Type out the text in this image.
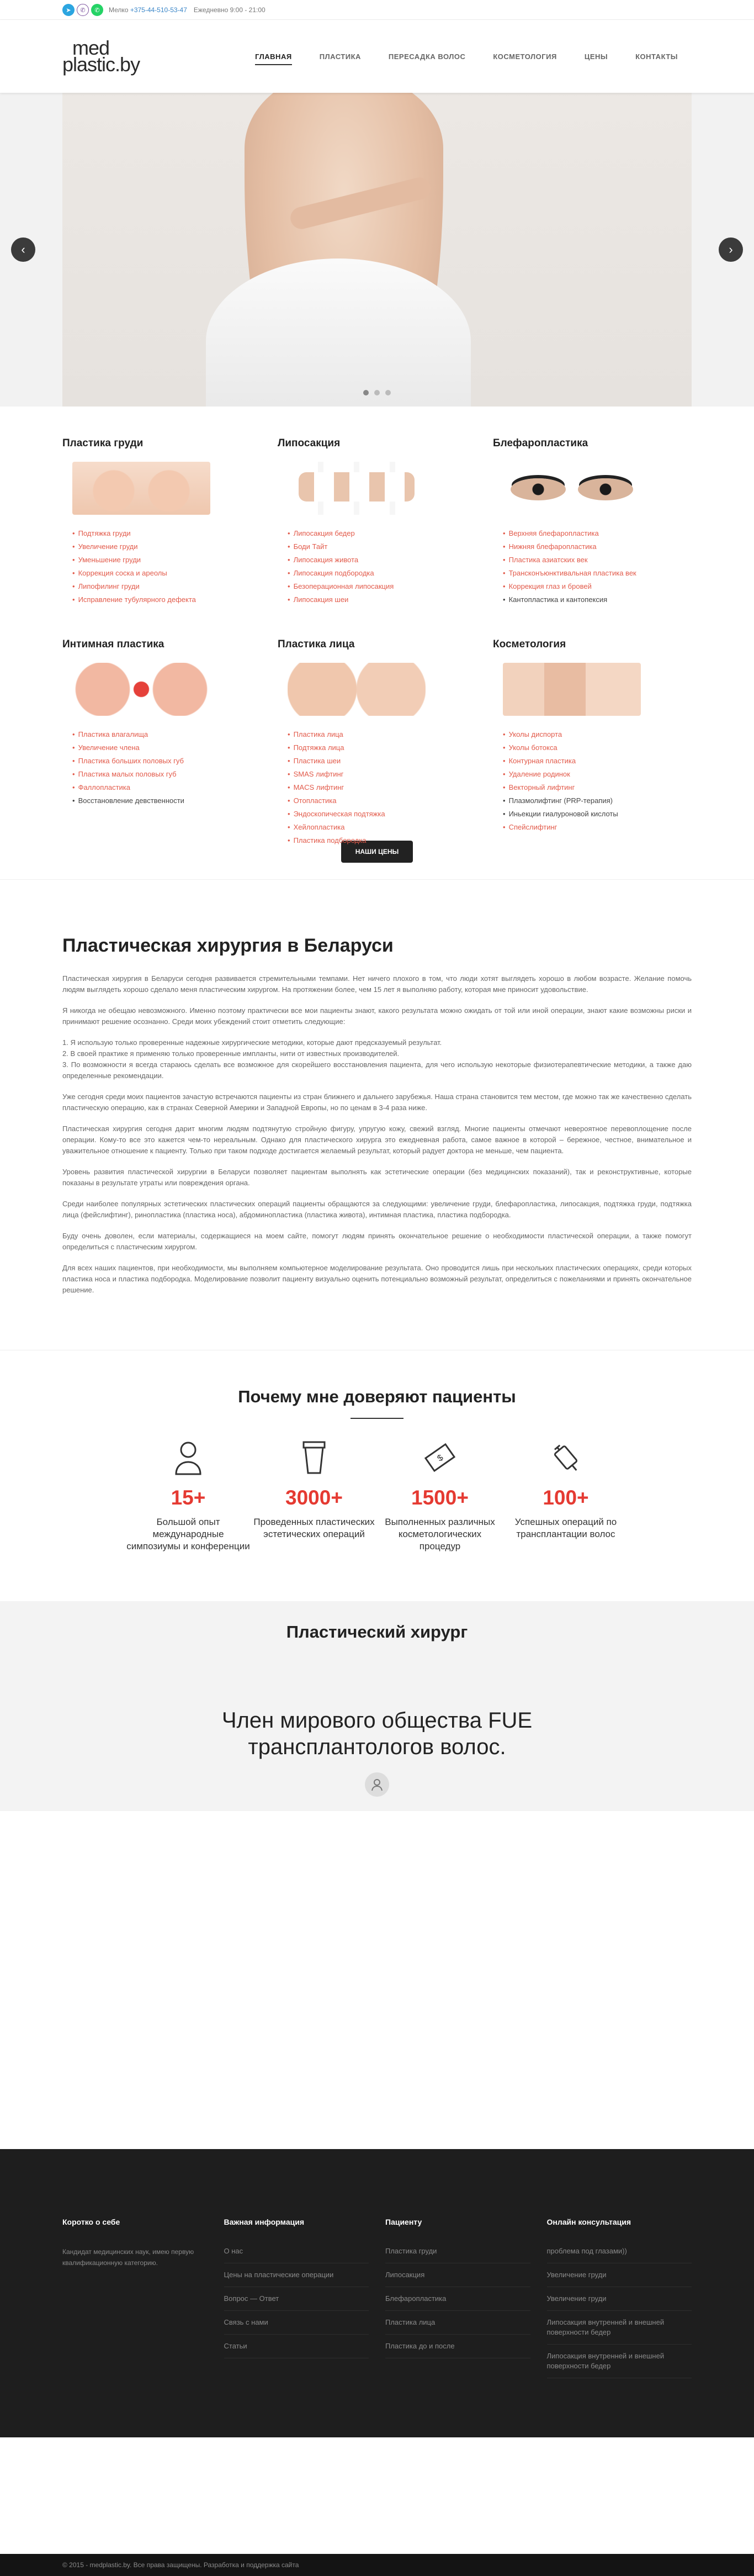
➤	✆	✆	Мелко +375-44-510-53-47 Ежедневно 9:00 - 21:00
med
plastic.by	ГЛАВНАЯ	ПЛАСТИКА	ПЕРЕСАДКА ВОЛОС	КОСМЕТОЛОГИЯ	ЦЕНЫ	КОНТАКТЫ
‹	›
Пластика груди
• Подтяжка груди
• Увеличение груди
• Уменьшение груди
• Коррекция соска и ареолы
• Липофилинг груди
• Исправление тубулярного дефекта
Липосакция
• Липосакция бедер
• Боди Тайт
• Липосакция живота
• Липосакция подбородка
• Безоперационная липосакция
• Липосакция шеи
Блефаропластика
• Верхняя блефаропластика
• Нижняя блефаропластика
• Пластика азиатских век
• Трансконъюнктивальная пластика век
• Коррекция глаз и бровей
• Кантопластика и кантопексия
Интимная пластика
• Пластика влагалища
• Увеличение члена
• Пластика больших половых губ
• Пластика малых половых губ
• Фаллопластика
• Восстановление девственности
Пластика лица
• Пластика лица
• Подтяжка лица
• Пластика шеи
• SMAS лифтинг
• MACS лифтинг
• Отопластика
• Эндоскопическая подтяжка
• Хейлопластика
• Пластика подбородка
Косметология
• Уколы диспорта
• Уколы ботокса
• Контурная пластика
• Удаление родинок
• Векторный лифтинг
• Плазмолифтинг (PRP-терапия)
• Иньекции гиалуроновой кислоты
• Спейслифтинг
НАШИ ЦЕНЫ
Пластическая хирургия в Беларуси

Пластическая хирургия в Беларуси сегодня развивается стремительными темпами. Нет ничего плохого в том, что люди хотят выглядеть хорошо в любом возрасте. Желание помочь людям выглядеть хорошо сделало меня пластическим хирургом. На протяжении более, чем 15 лет я выполняю работу, которая мне приносит удовольствие.

Я никогда не обещаю невозможного. Именно поэтому практически все мои пациенты знают, какого результата можно ожидать от той или иной операции, знают какие возможны риски и принимают решение осознанно. Среди моих убеждений стоит отметить следующие:

1. Я использую только проверенные надежные хирургические методики, которые дают предсказуемый результат.
2. В своей практике я применяю только проверенные импланты, нити от известных производителей.
3. По возможности я всегда стараюсь сделать все возможное для скорейшего восстановления пациента, для чего использую некоторые физиотерапевтические методики, а также даю определенные рекомендации.

Уже сегодня среди моих пациентов зачастую встречаются пациенты из стран ближнего и дальнего зарубежья. Наша страна становится тем местом, где можно так же качественно сделать пластическую операцию, как в странах Северной Америки и Западной Европы, но по ценам в 3-4 раза ниже.

Пластическая хирургия сегодня дарит многим людям подтянутую стройную фигуру, упругую кожу, свежий взгляд. Многие пациенты отмечают невероятное перевоплощение после операции. Кому-то все это кажется чем-то нереальным. Однако для пластического хирурга это ежедневная работа, самое важное в которой – бережное, честное, внимательное и уважительное отношение к пациенту. Только при таком подходе достигается желаемый результат, который радует доктора не меньше, чем пациента.

Уровень развития пластической хирургии в Беларуси позволяет пациентам выполнять как эстетические операции (без медицинских показаний), так и реконструктивные, которые показаны в результате утраты или повреждения органа.

Среди наиболее популярных эстетических пластических операций пациенты обращаются за следующими: увеличение груди, блефаропластика, липосакция, подтяжка груди, подтяжка лица (фейслифтинг), ринопластика (пластика носа), абдоминопластика (пластика живота), интимная пластика, пластика подбородка.

Буду очень доволен, если материалы, содержащиеся на моем сайте, помогут людям принять окончательное решение о необходимости пластической операции, а также помогут определиться с пластическим хирургом.

Для всех наших пациентов, при необходимости, мы выполняем компьютерное моделирование результата. Оно проводится лишь при нескольких пластических операциях, среди которых пластика носа и пластика подбородка. Моделирование позволит пациенту визуально оценить потенциально возможный результат, определиться с пожеланиями и принять окончательное решение.

Почему мне доверяют пациенты
15+
Большой опыт международные симпозиумы и конференции
3000+
Проведенных пластических эстетических операций
$
1500+
Выполненных различных косметологических процедур
100+
Успешных операций по трансплантации волос
Пластический хирург
Член мирового общества FUE
трансплантологов волос.
Коротко о себе

Кандидат медицинских наук, имею первую квалификационную категорию.

Важная информация
О нас
Цены на пластические операции
Вопрос — Ответ
Связь с нами
Статьи
Пациенту
Пластика груди
Липосакция
Блефаропластика
Пластика лица
Пластика до и после
Онлайн консультация
проблема под глазами))
Увеличение груди
Увеличение груди
Липосакция внутренней и внешней поверхности бедер
Липосакция внутренней и внешней поверхности бедер
© 2015 - medplastic.by. Все права защищены. Разработка и поддержка сайта
